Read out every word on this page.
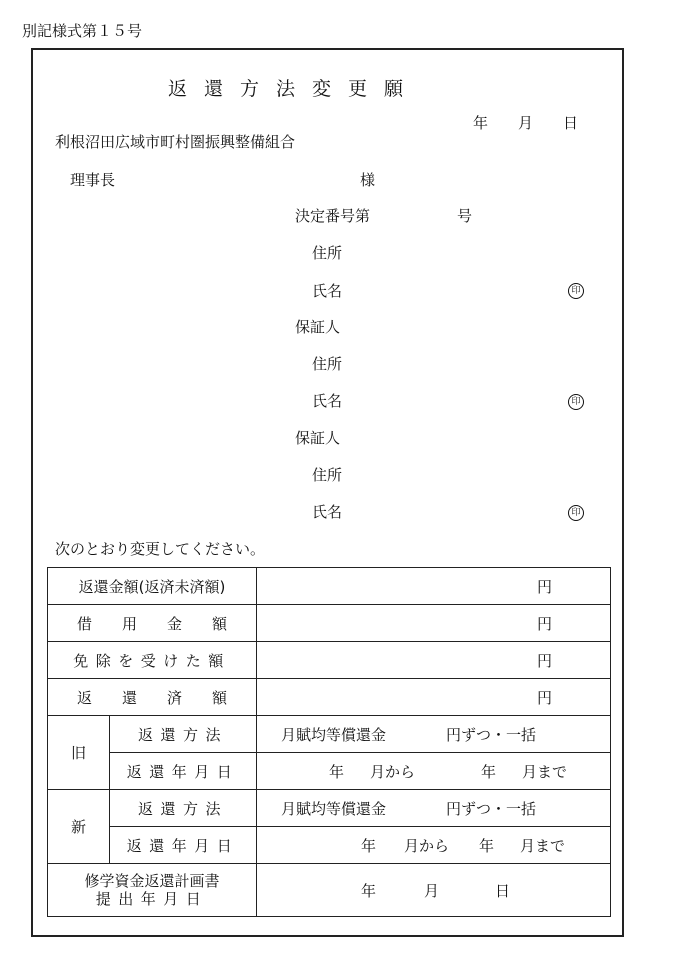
別記様式第１５号
返還方法変更願
年　　月　　日
利根沼田広域市町村圏振興整備組合
理事長	様
決定番号第	号
住所
氏名	印
保証人
住所
氏名	印
保証人
住所
氏名	印
次のとおり変更してください。
返還金額(返済未済額)		円
借　　用　　金　　額		円
免除を受けた額		円
返　　還　　済　　額		円
旧	返還方法	月賦均等償還金 円ずつ・一括
	返還年月日	年 月から 年 月まで
新	返還方法	月賦均等償還金 円ずつ・一括
	返還年月日	年 月から 年 月まで

修学資金返還計画書
提出年月日		年 月 日
